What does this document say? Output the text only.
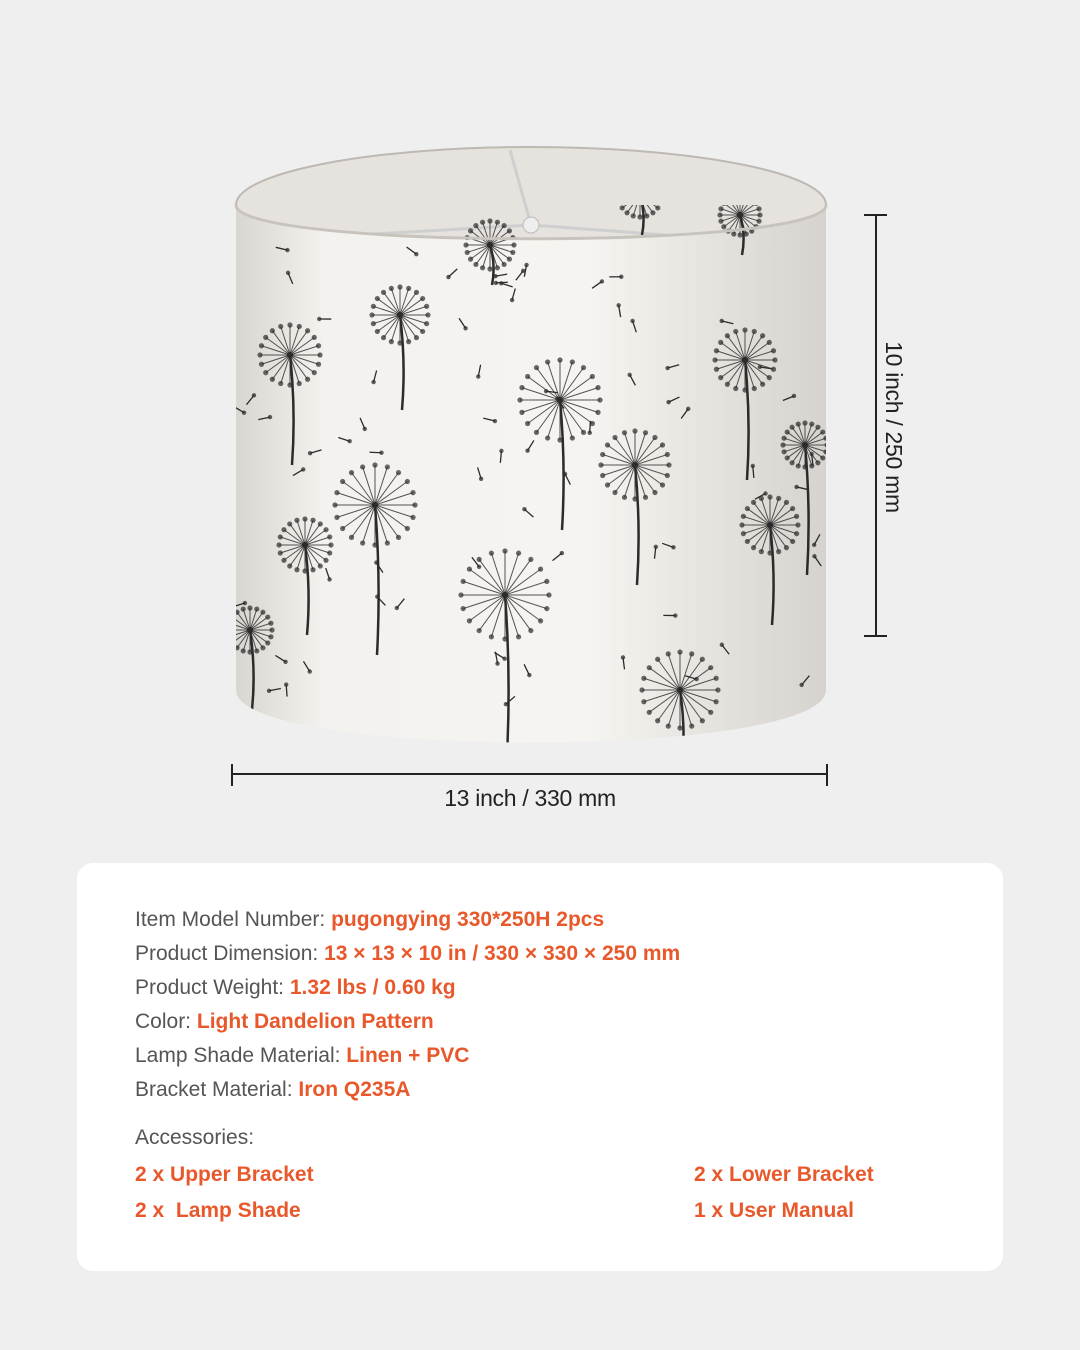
13 inch / 330 mm
10 inch / 250 mm
Item Model Number: pugongying 330*250H 2pcs
Product Dimension: 13 × 13 × 10 in / 330 × 330 × 250 mm
Product Weight: 1.32 lbs / 0.60 kg
Color: Light Dandelion Pattern
Lamp Shade Material: Linen + PVC
Bracket Material: Iron Q235A
Accessories:
2 x Upper Bracket	2 x Lower Bracket
2 x  Lamp Shade	1 x User Manual
